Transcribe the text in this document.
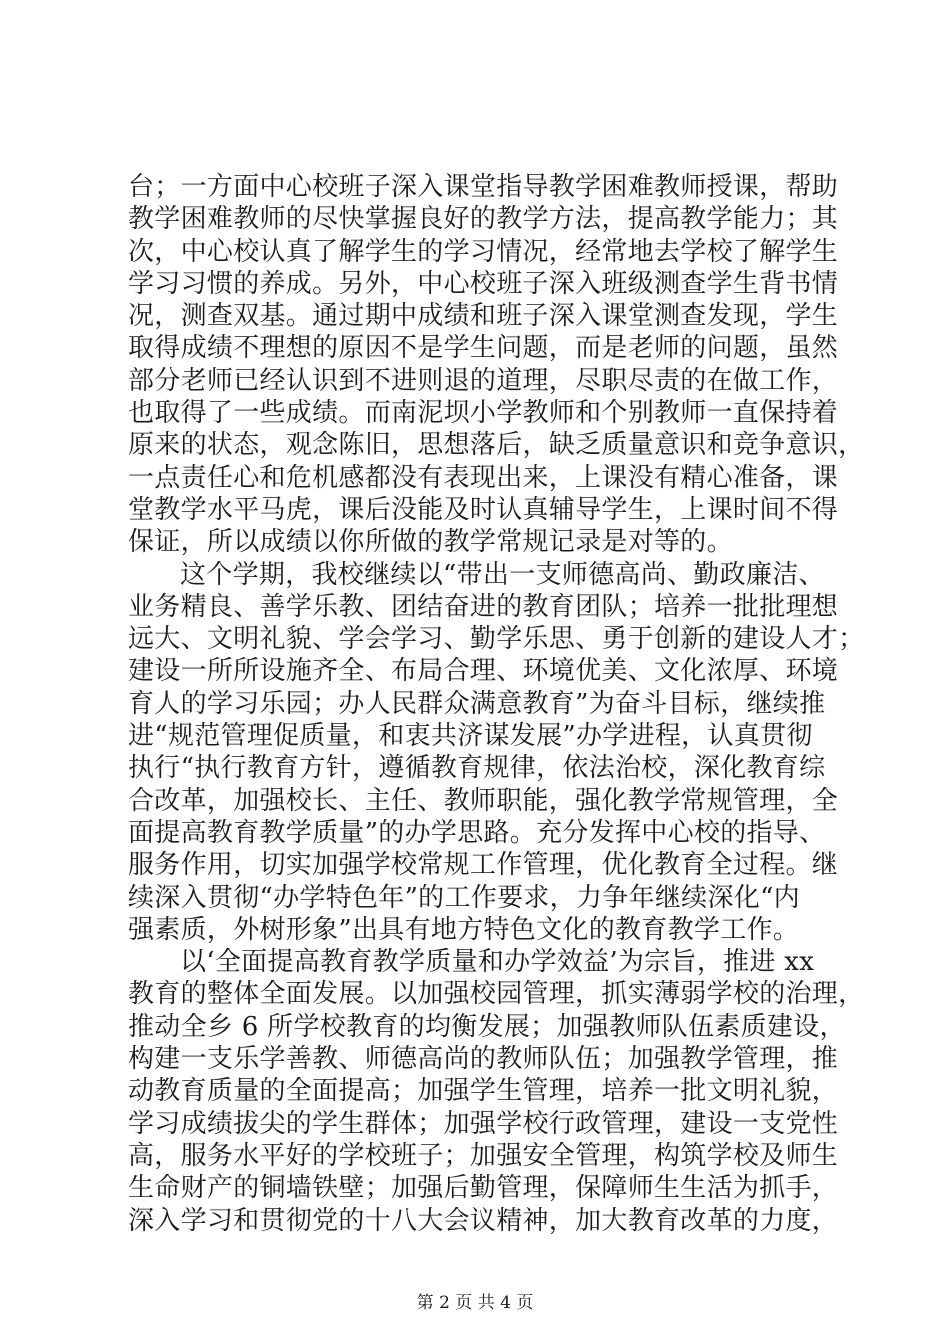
台；一方面中心校班子深入课堂指导教学困难教师授课，帮助
教学困难教师的尽快掌握良好的教学方法，提高教学能力；其
次，中心校认真了解学生的学习情况，经常地去学校了解学生
学习习惯的养成。另外，中心校班子深入班级测查学生背书情
况，测查双基。通过期中成绩和班子深入课堂测查发现，学生
取得成绩不理想的原因不是学生问题，而是老师的问题，虽然
部分老师已经认识到不进则退的道理，尽职尽责的在做工作，
也取得了一些成绩。而南泥坝小学教师和个别教师一直保持着
原来的状态，观念陈旧，思想落后，缺乏质量意识和竞争意识，
一点责任心和危机感都没有表现出来，上课没有精心准备，课
堂教学水平马虎，课后没能及时认真辅导学生，上课时间不得
保证，所以成绩以你所做的教学常规记录是对等的。
这个学期，我校继续以“带出一支师德高尚、勤政廉洁、
业务精良、善学乐教、团结奋进的教育团队；培养一批批理想
远大、文明礼貌、学会学习、勤学乐思、勇于创新的建设人才；
建设一所所设施齐全、布局合理、环境优美、文化浓厚、环境
育人的学习乐园；办人民群众满意教育”为奋斗目标，继续推
进“规范管理促质量，和衷共济谋发展”办学进程，认真贯彻
执行“执行教育方针，遵循教育规律，依法治校，深化教育综
合改革，加强校长、主任、教师职能，强化教学常规管理，全
面提高教育教学质量”的办学思路。充分发挥中心校的指导、
服务作用，切实加强学校常规工作管理，优化教育全过程。继
续深入贯彻“办学特色年”的工作要求，力争年继续深化“内
强素质，外树形象”出具有地方特色文化的教育教学工作。
以‘全面提高教育教学质量和办学效益’为宗旨，推进 xx
教育的整体全面发展。以加强校园管理，抓实薄弱学校的治理，
推动全乡 6 所学校教育的均衡发展；加强教师队伍素质建设，
构建一支乐学善教、师德高尚的教师队伍；加强教学管理，推
动教育质量的全面提高；加强学生管理，培养一批文明礼貌，
学习成绩拔尖的学生群体；加强学校行政管理，建设一支党性
高，服务水平好的学校班子；加强安全管理，构筑学校及师生
生命财产的铜墙铁壁；加强后勤管理，保障师生生活为抓手，
深入学习和贯彻党的十八大会议精神，加大教育改革的力度，
第 2 页 共 4 页
